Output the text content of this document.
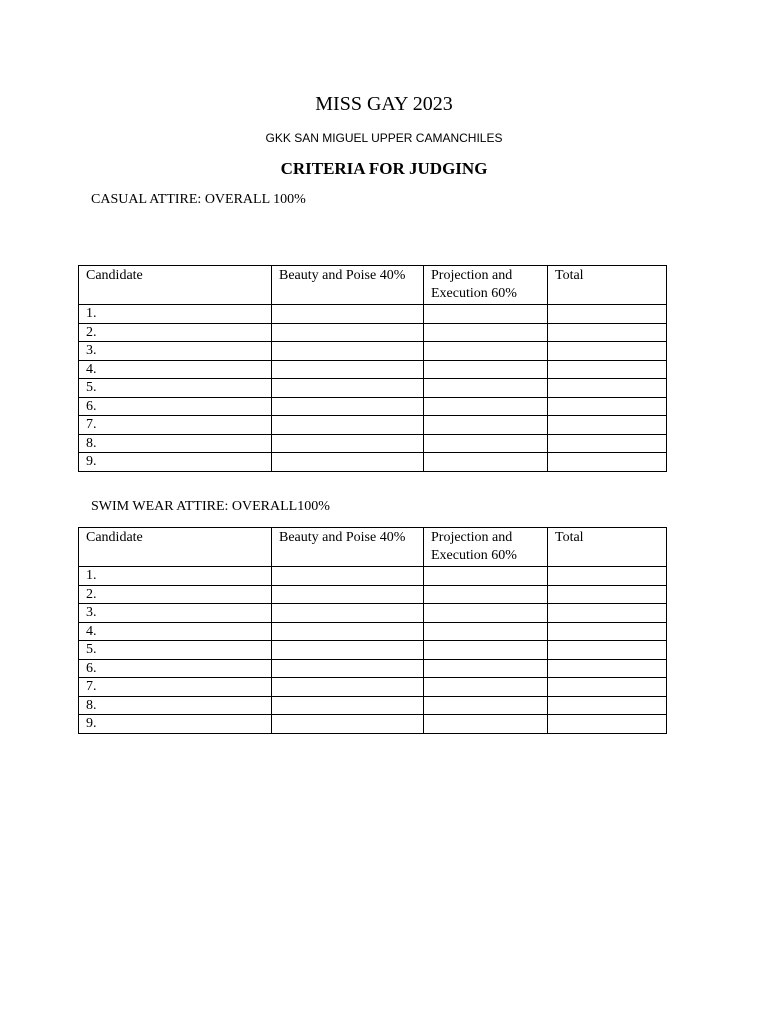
MISS GAY 2023
GKK SAN MIGUEL UPPER CAMANCHILES
CRITERIA FOR JUDGING
CASUAL ATTIRE: OVERALL 100%
Candidate	Beauty and Poise 40%	Projection and Execution 60%	Total
1.			
2.			
3.			
4.			
5.			
6.			
7.			
8.			
9.			
SWIM WEAR ATTIRE: OVERALL100%
Candidate	Beauty and Poise 40%	Projection and Execution 60%	Total
1.			
2.			
3.			
4.			
5.			
6.			
7.			
8.			
9.			
